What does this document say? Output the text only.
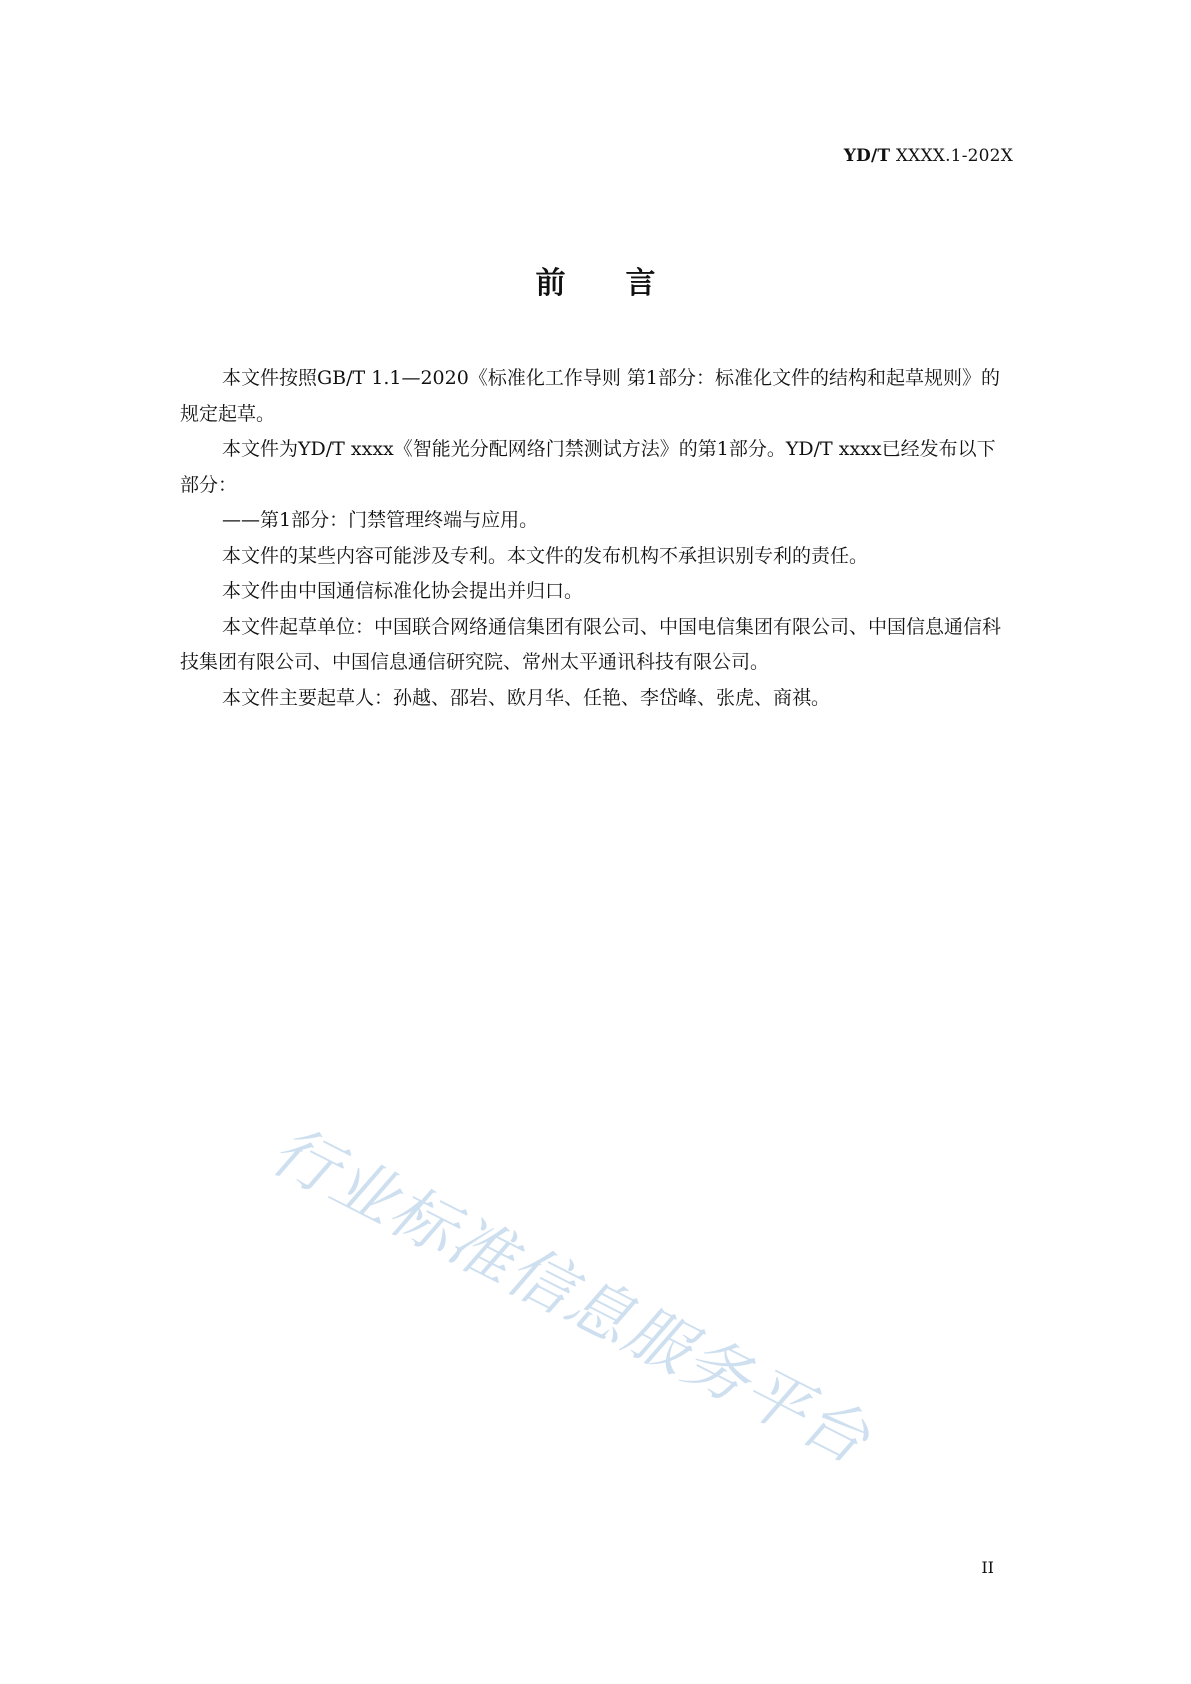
YD/T XXXX.1-202X
前言

本文件按照GB/T 1.1—2020《标准化工作导则 第1部分：标准化文件的结构和起草规则》的规定起草。

本文件为YD/T xxxx《智能光分配网络门禁测试方法》的第1部分。YD/T xxxx已经发布以下部分：

——第1部分：门禁管理终端与应用。

本文件的某些内容可能涉及专利。本文件的发布机构不承担识别专利的责任。

本文件由中国通信标准化协会提出并归口。

本文件起草单位：中国联合网络通信集团有限公司、中国电信集团有限公司、中国信息通信科技集团有限公司、中国信息通信研究院、常州太平通讯科技有限公司。

本文件主要起草人：孙越、邵岩、欧月华、任艳、李岱峰、张虎、商祺。

行业标准信息服务平台
II
